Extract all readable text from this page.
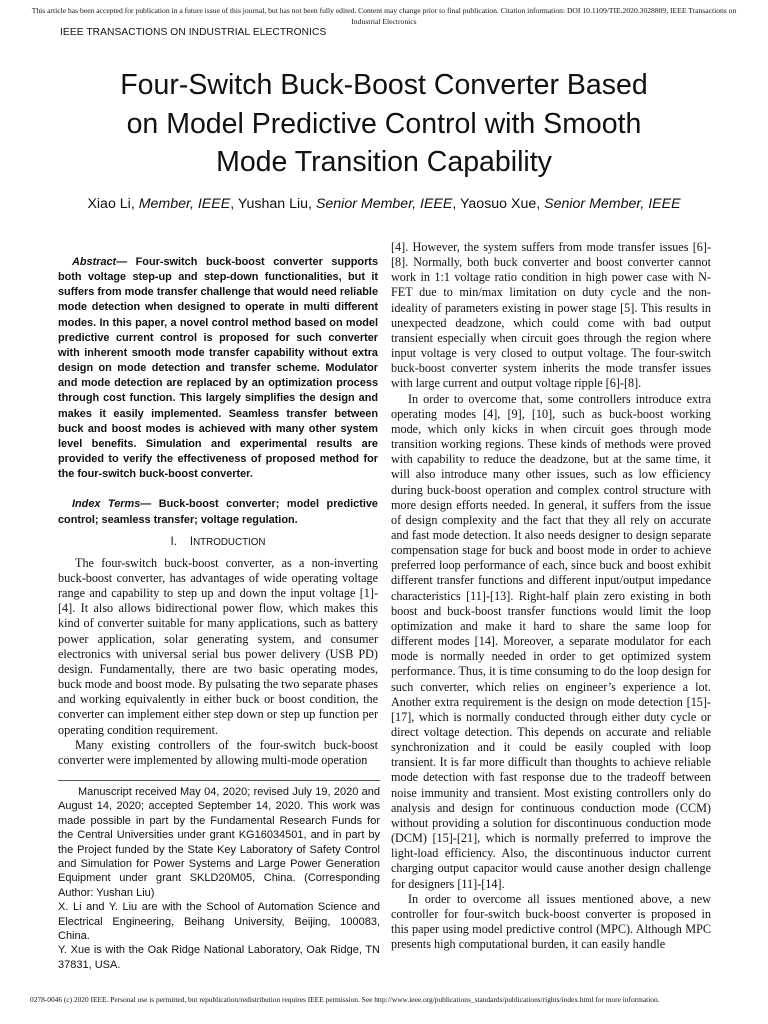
This article has been accepted for publication in a future issue of this journal, but has not been fully edited. Content may change prior to final publication. Citation information: DOI 10.1109/TIE.2020.3028809, IEEE Transactions on Industrial Electronics
IEEE TRANSACTIONS ON INDUSTRIAL ELECTRONICS
Four-Switch Buck-Boost Converter Based
on Model Predictive Control with Smooth
Mode Transition Capability
Xiao Li, Member, IEEE, Yushan Liu, Senior Member, IEEE, Yaosuo Xue, Senior Member, IEEE

Abstract— Four-switch buck-boost converter supports both voltage step-up and step-down functionalities, but it suffers from mode transfer challenge that would need reliable mode detection when designed to operate in multi different modes. In this paper, a novel control method based on model predictive current control is proposed for such converter with inherent smooth mode transfer capability without extra design on mode detection and transfer scheme. Modulator and mode detection are replaced by an optimization process through cost function. This largely simplifies the design and makes it easily implemented. Seamless transfer between buck and boost modes is achieved with many other system level benefits. Simulation and experimental results are provided to verify the effectiveness of proposed method for the four-switch buck-boost converter.

Index Terms— Buck-boost converter; model predictive control; seamless transfer; voltage regulation.

I. INTRODUCTION

The four-switch buck-boost converter, as a non-inverting buck-boost converter, has advantages of wide operating voltage range and capability to step up and down the input voltage [1]-[4]. It also allows bidirectional power flow, which makes this kind of converter suitable for many applications, such as battery power application, solar generating system, and consumer electronics with universal serial bus power delivery (USB PD) design. Fundamentally, there are two basic operating modes, buck mode and boost mode. By pulsating the two separate phases and working equivalently in either buck or boost condition, the converter can implement either step down or step up function per operating condition requirement.

Many existing controllers of the four-switch buck-boost converter were implemented by allowing multi-mode operation

Manuscript received May 04, 2020; revised July 19, 2020 and August 14, 2020; accepted September 14, 2020. This work was made possible in part by the Fundamental Research Funds for the Central Universities under grant KG16034501, and in part by the Project funded by the State Key Laboratory of Safety Control and Simulation for Power Systems and Large Power Generation Equipment under grant SKLD20M05, China. (Corresponding Author: Yushan Liu)

X. Li and Y. Liu are with the School of Automation Science and Electrical Engineering, Beihang University, Beijing, 100083, China.

Y. Xue is with the Oak Ridge National Laboratory, Oak Ridge, TN 37831, USA.

[4]. However, the system suffers from mode transfer issues [6]-[8]. Normally, both buck converter and boost converter cannot work in 1:1 voltage ratio condition in high power case with N-FET due to min/max limitation on duty cycle and the non-ideality of parameters existing in power stage [5]. This results in unexpected deadzone, which could come with bad output transient especially when circuit goes through the region where input voltage is very closed to output voltage. The four-switch buck-boost converter system inherits the mode transfer issues with large current and output voltage ripple [6]-[8].

In order to overcome that, some controllers introduce extra operating modes [4], [9], [10], such as buck-boost working mode, which only kicks in when circuit goes through mode transition working regions. These kinds of methods were proved with capability to reduce the deadzone, but at the same time, it will also introduce many other issues, such as low efficiency during buck-boost operation and complex control structure with more design efforts needed. In general, it suffers from the issue of design complexity and the fact that they all rely on accurate and fast mode detection. It also needs designer to design separate compensation stage for buck and boost mode in order to achieve preferred loop performance of each, since buck and boost exhibit different transfer functions and different input/output impedance characteristics [11]-[13]. Right-half plain zero existing in both boost and buck-boost transfer functions would limit the loop optimization and make it hard to share the same loop for different modes [14]. Moreover, a separate modulator for each mode is normally needed in order to get optimized system performance. Thus, it is time consuming to do the loop design for such converter, which relies on engineer’s experience a lot. Another extra requirement is the design on mode detection [15]-[17], which is normally conducted through either duty cycle or direct voltage detection. This depends on accurate and reliable synchronization and it could be easily coupled with loop transient. It is far more difficult than thoughts to achieve reliable mode detection with fast response due to the tradeoff between noise immunity and transient. Most existing controllers only do analysis and design for continuous conduction mode (CCM) without providing a solution for discontinuous conduction mode (DCM) [15]-[21], which is normally preferred to improve the light-load efficiency. Also, the discontinuous inductor current charging output capacitor would cause another design challenge for designers [11]-[14].

In order to overcome all issues mentioned above, a new controller for four-switch buck-boost converter is proposed in this paper using model predictive control (MPC). Although MPC presents high computational burden, it can easily handle

0278-0046 (c) 2020 IEEE. Personal use is permitted, but republication/redistribution requires IEEE permission. See http://www.ieee.org/publications_standards/publications/rights/index.html for more information.
